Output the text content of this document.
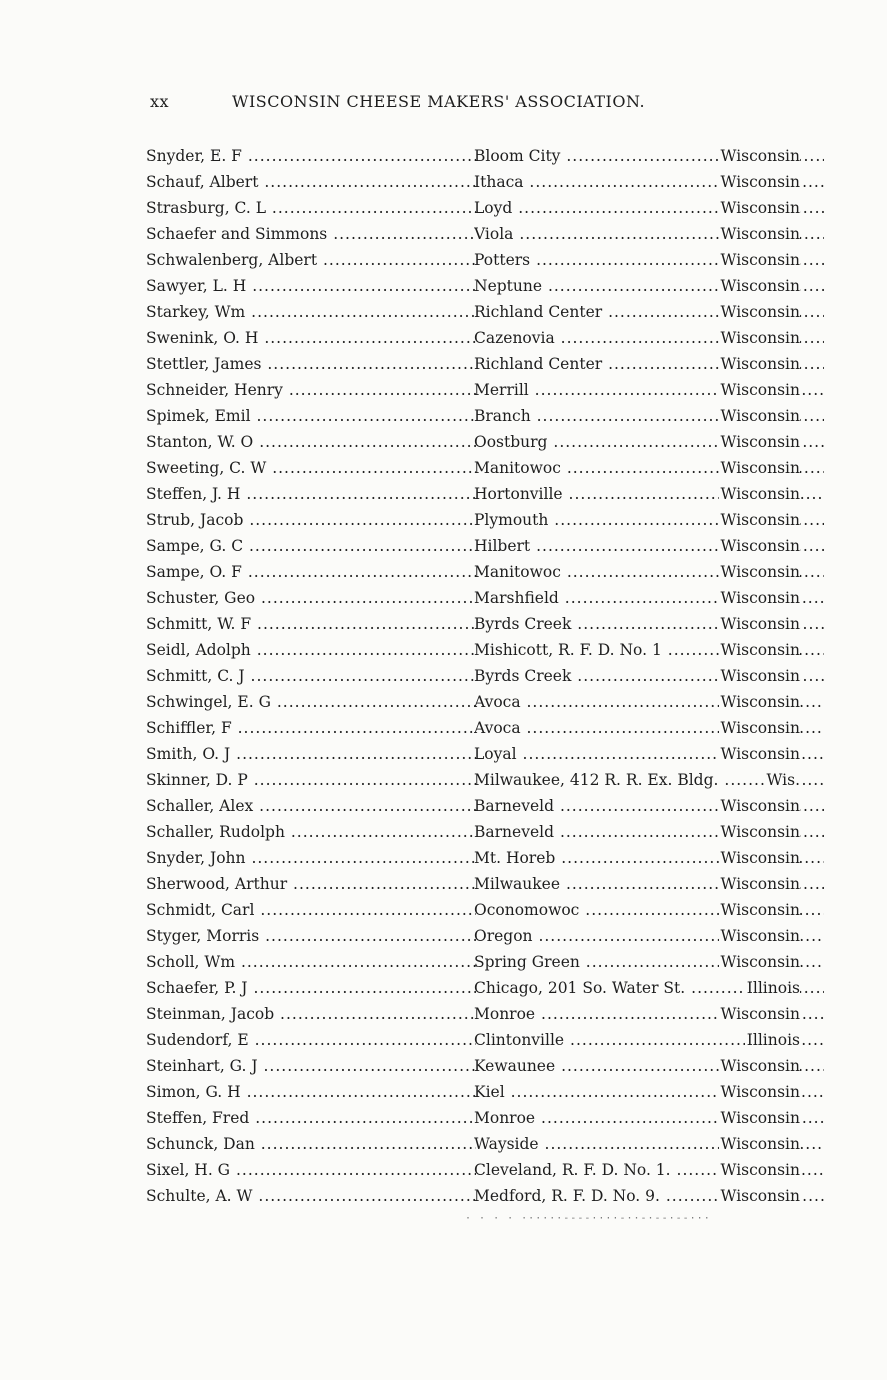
xx	WISCONSIN CHEESE MAKERS' ASSOCIATION.
Snyder, E. F .....	Bloom City .....	Wisconsin
Schauf, Albert .....	Ithaca .....	Wisconsin
Strasburg, C. L .....	Loyd .....	Wisconsin
Schaefer and Simmons .....	Viola .....	Wisconsin
Schwalenberg, Albert .....	Potters .....	Wisconsin
Sawyer, L. H .....	Neptune .....	Wisconsin
Starkey, Wm .....	Richland Center .....	Wisconsin
Swenink, O. H .....	Cazenovia .....	Wisconsin
Stettler, James .....	Richland Center .....	Wisconsin
Schneider, Henry .....	Merrill .....	Wisconsin
Spimek, Emil .....	Branch .....	Wisconsin
Stanton, W. O .....	Oostburg .....	Wisconsin
Sweeting, C. W .....	Manitowoc .....	Wisconsin
Steffen, J. H .....	Hortonville .....	Wisconsin
Strub, Jacob .....	Plymouth .....	Wisconsin
Sampe, G. C .....	Hilbert .....	Wisconsin
Sampe, O. F .....	Manitowoc .....	Wisconsin
Schuster, Geo .....	Marshfield .....	Wisconsin
Schmitt, W. F .....	Byrds Creek .....	Wisconsin
Seidl, Adolph .....	Mishicott, R. F. D. No. 1 .....	Wisconsin
Schmitt, C. J .....	Byrds Creek .....	Wisconsin
Schwingel, E. G .....	Avoca .....	Wisconsin
Schiffler, F .....	Avoca .....	Wisconsin
Smith, O. J .....	Loyal .....	Wisconsin
Skinner, D. P .....	Milwaukee, 412 R. R. Ex. Bldg. .....	Wis.
Schaller, Alex .....	Barneveld .....	Wisconsin
Schaller, Rudolph .....	Barneveld .....	Wisconsin
Snyder, John .....	Mt. Horeb .....	Wisconsin
Sherwood, Arthur .....	Milwaukee .....	Wisconsin
Schmidt, Carl .....	Oconomowoc .....	Wisconsin
Styger, Morris .....	Oregon .....	Wisconsin
Scholl, Wm .....	Spring Green .....	Wisconsin
Schaefer, P. J .....	Chicago, 201 So. Water St. .....	Illinois
Steinman, Jacob .....	Monroe .....	Wisconsin
Sudendorf, E .....	Clintonville .....	Illinois
Steinhart, G. J .....	Kewaunee .....	Wisconsin
Simon, G. H .....	Kiel .....	Wisconsin
Steffen, Fred .....	Monroe .....	Wisconsin
Schunck, Dan .....	Wayside .....	Wisconsin
Sixel, H. G .....	Cleveland, R. F. D. No. 1. .....	Wisconsin
Schulte, A. W .....	Medford, R. F. D. No. 9. .....	Wisconsin
· · · · ······----····-··-·--·--···
